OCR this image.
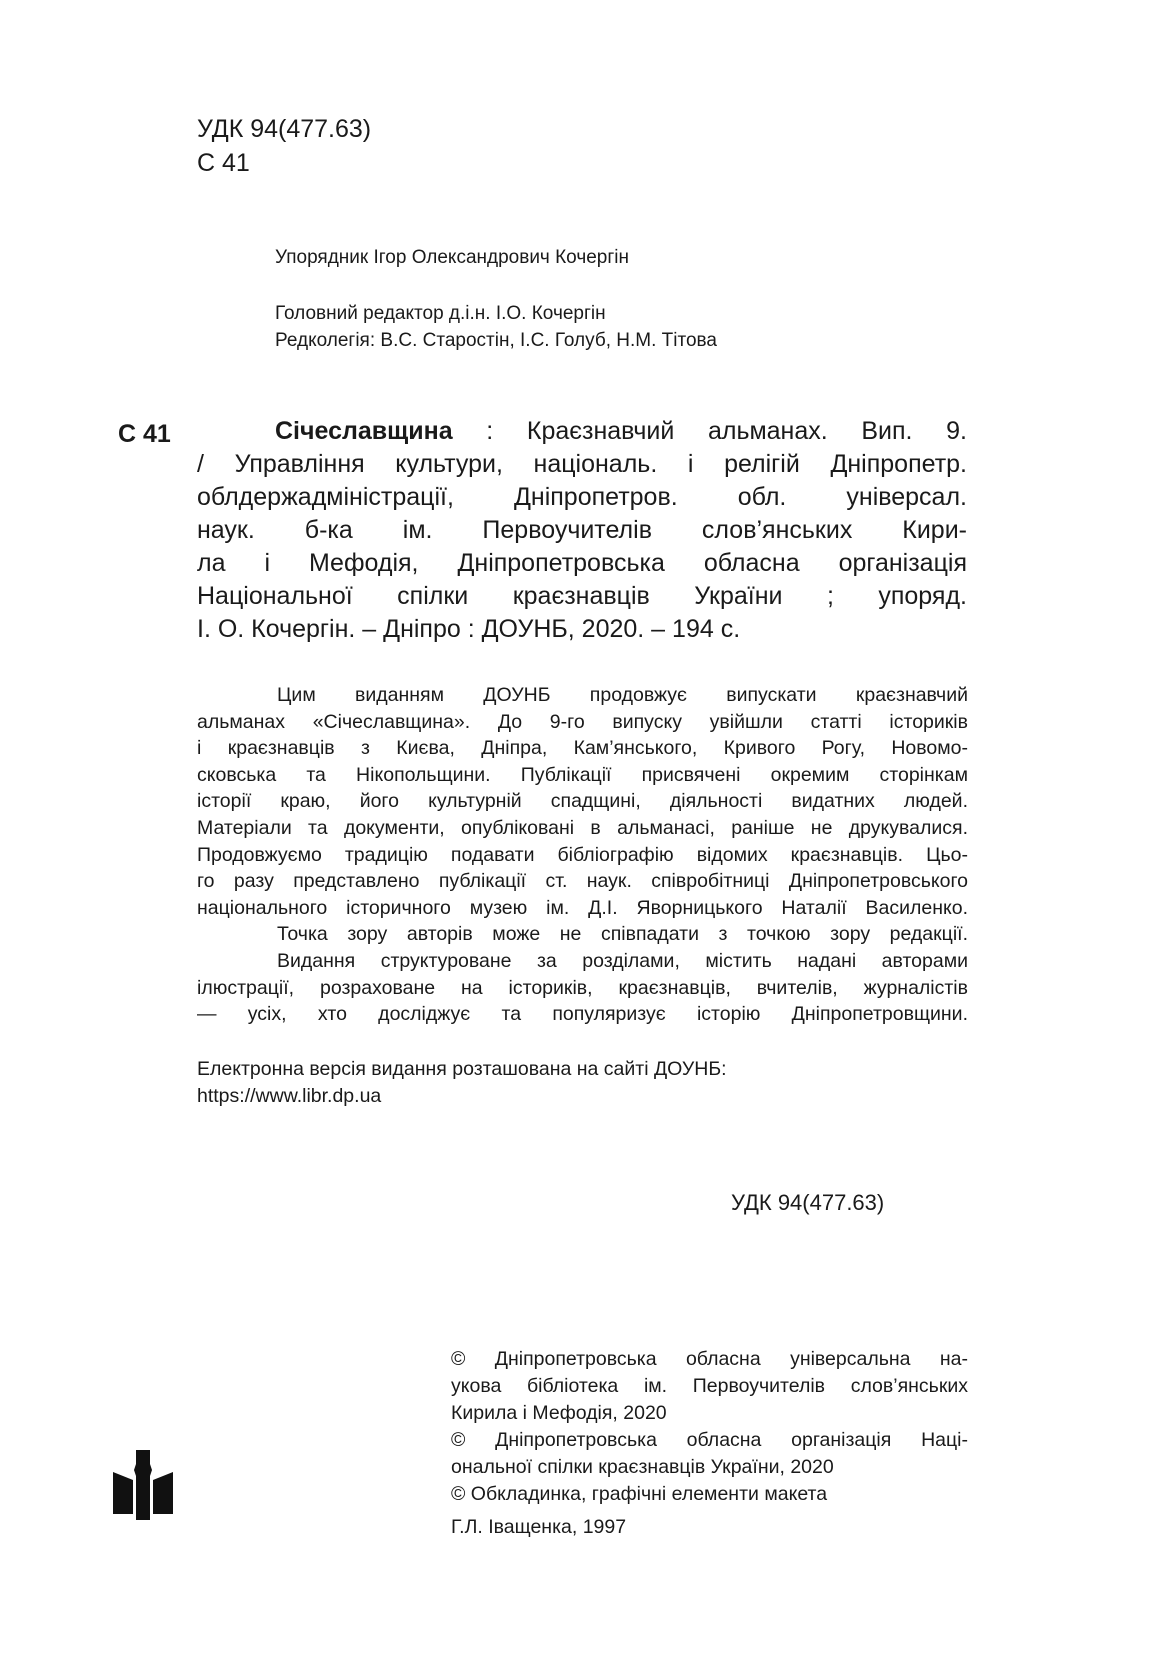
УДК 94(477.63)
С 41
Упорядник Ігор Олександрович Кочергін
Головний редактор д.і.н. І.О. Кочергін
Редколегія: В.С. Старостін, І.С. Голуб, Н.М. Тітова
С 41	Січеславщина : Краєзнавчий альманах. Вип. 9.
/ Управління культури, національ. і релігій Дніпропетр.
облдержадміністрації, Дніпропетров. обл. універсал.
наук. б-ка ім. Первоучителів слов’янських Кири-
ла і Мефодія, Дніпропетровська обласна організація
Національної спілки краєзнавців України ; упоряд.
І. О. Кочергін. – Дніпро : ДОУНБ, 2020. – 194 с.
Цим виданням ДОУНБ продовжує випускати краєзнавчий
альманах «Січеславщина». До 9-го випуску увійшли статті істориків
і краєзнавців з Києва, Дніпра, Кам’янського, Кривого Рогу, Новомо-
сковська та Нікопольщини. Публікації присвячені окремим сторінкам
історії краю, його культурній спадщині, діяльності видатних людей.
Матеріали та документи, опубліковані в альманасі, раніше не друкувалися.
Продовжуємо традицію подавати бібліографію відомих краєзнавців. Цьо-
го разу представлено публікації ст. наук. співробітниці Дніпропетровського
національного історичного музею ім. Д.І. Яворницького Наталії Василенко.
Точка зору авторів може не співпадати з точкою зору редакції.
Видання структуроване за розділами, містить надані авторами
ілюстрації, розраховане на істориків, краєзнавців, вчителів, журналістів
— усіх, хто досліджує та популяризує історію Дніпропетровщини.
Електронна версія видання розташована на сайті ДОУНБ:
https://www.libr.dp.ua
УДК 94(477.63)
© Дніпропетровська обласна універсальна на-
укова бібліотека ім. Первоучителів слов’янських
Кирила і Мефодія, 2020
© Дніпропетровська обласна організація Наці-
ональної спілки краєзнавців України, 2020
© Обкладинка, графічні елементи макета
Г.Л. Іващенка, 1997
